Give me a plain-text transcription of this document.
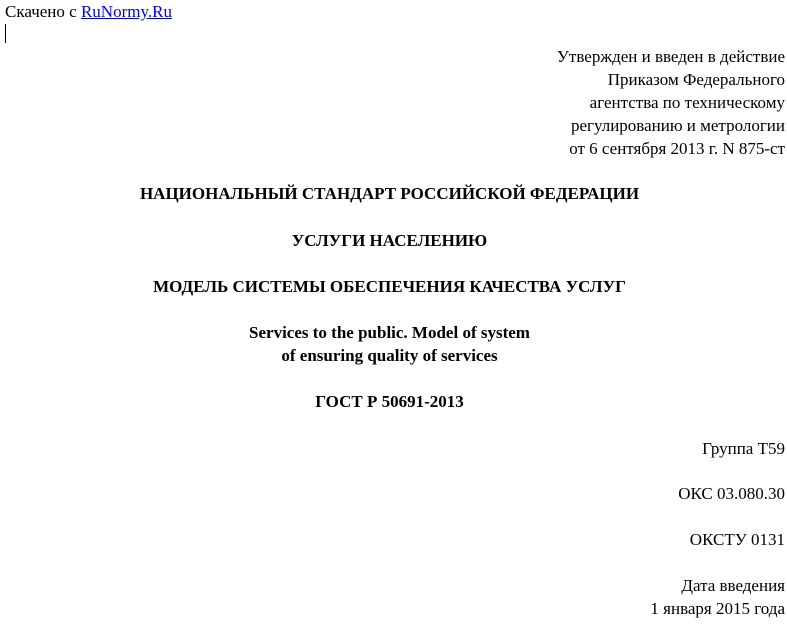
Скачено с RuNormy.Ru

Утвержден и введен в действие
Приказом Федерального
агентства по техническому
регулированию и метрологии
от 6 сентября 2013 г. N 875-ст
НАЦИОНАЛЬНЫЙ СТАНДАРТ РОССИЙСКОЙ ФЕДЕРАЦИИ
УСЛУГИ НАСЕЛЕНИЮ
МОДЕЛЬ СИСТЕМЫ ОБЕСПЕЧЕНИЯ КАЧЕСТВА УСЛУГ
Services to the public. Model of system
of ensuring quality of services
ГОСТ Р 50691-2013
Группа Т59
ОКС 03.080.30
ОКСТУ 0131
Дата введения
1 января 2015 года
